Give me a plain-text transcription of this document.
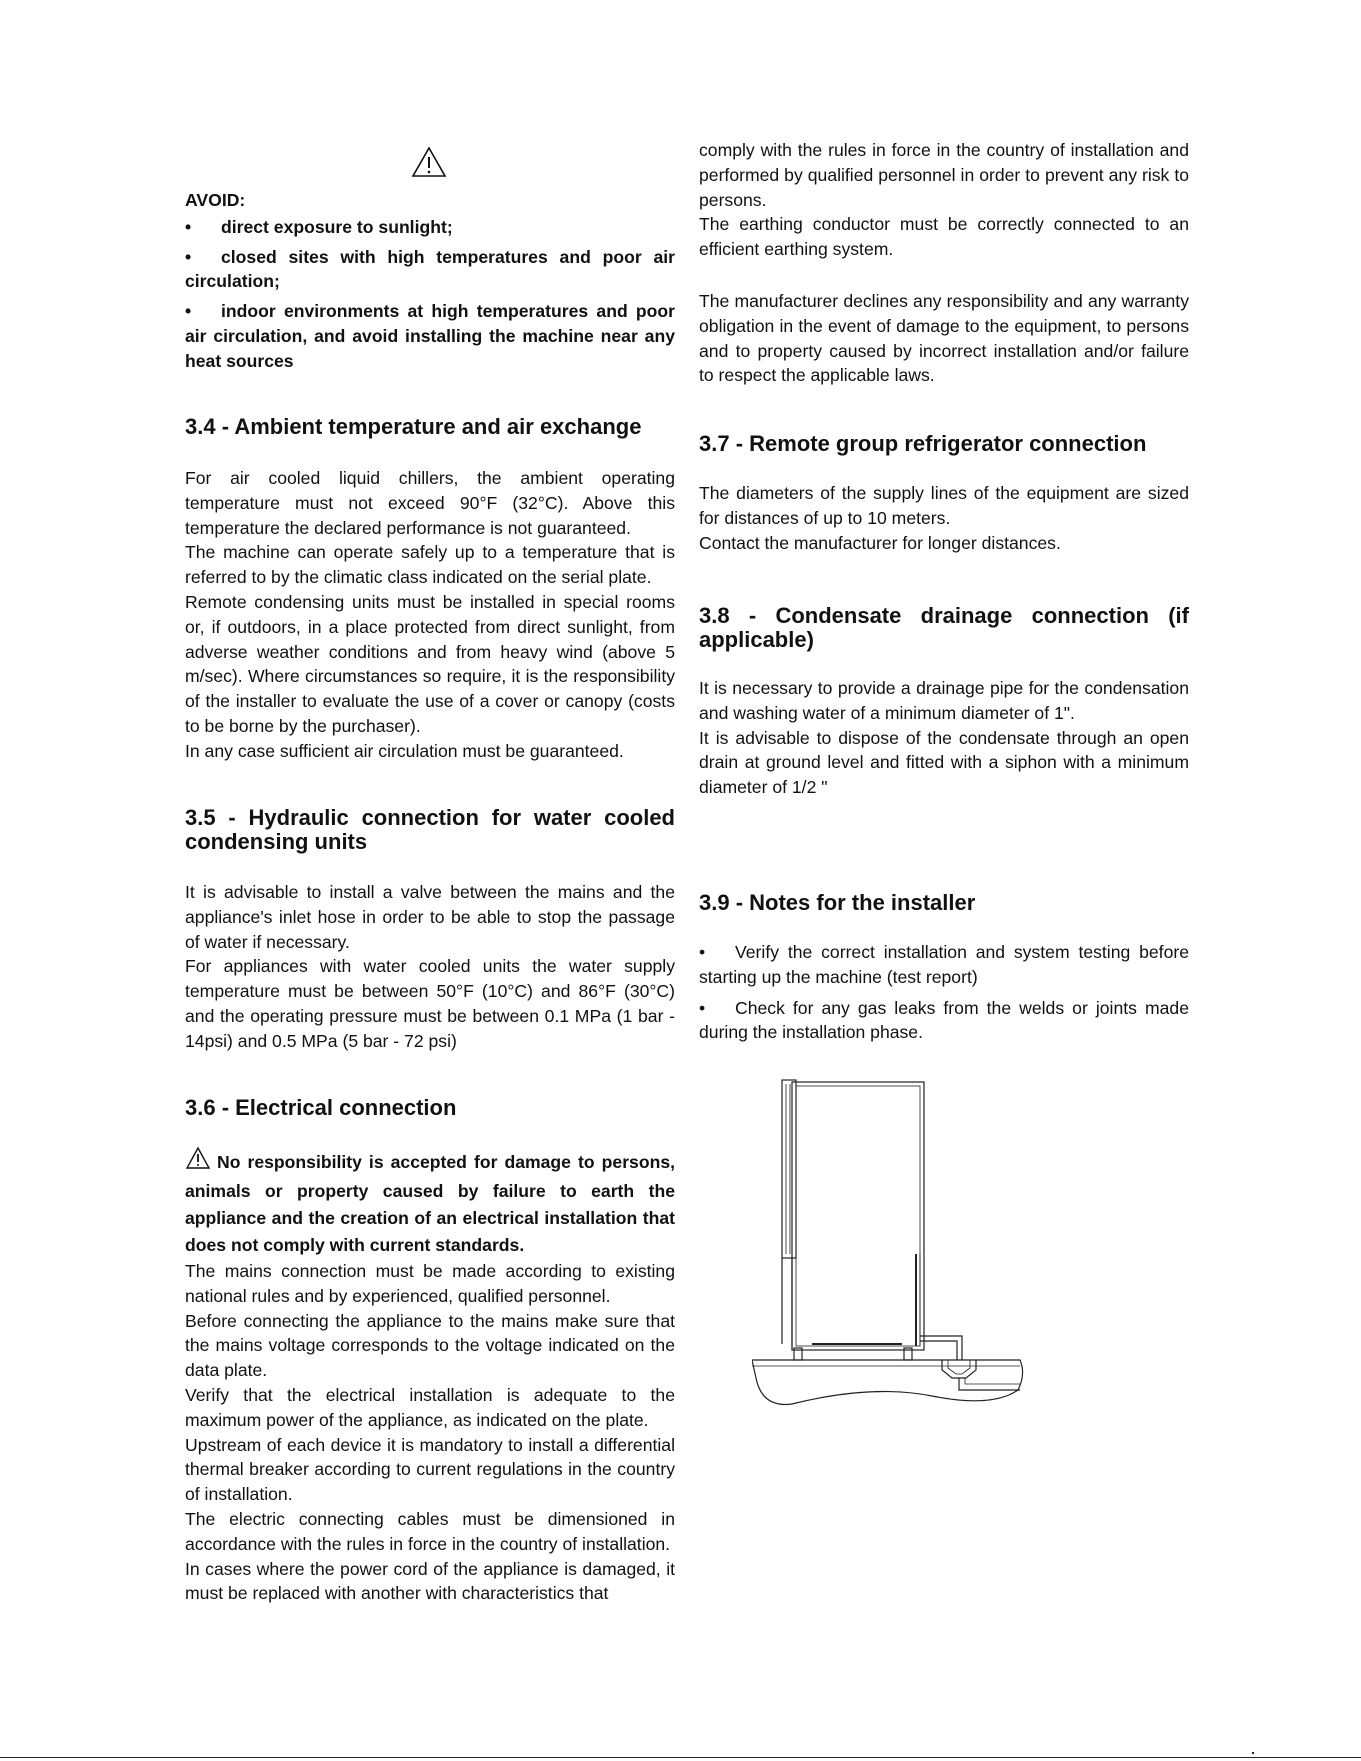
AVOID:

• direct exposure to sunlight;

• closed sites with high temperatures and poor air circulation;

• indoor environments at high temperatures and poor air circulation, and avoid installing the machine near any heat sources

3.4 - Ambient temperature and air exchange

For air cooled liquid chillers, the ambient operating temperature must not exceed 90°F (32°C). Above this temperature the declared performance is not guaranteed.

The machine can operate safely up to a temperature that is referred to by the climatic class indicated on the serial plate.

Remote condensing units must be installed in special rooms or, if outdoors, in a place protected from direct sunlight, from adverse weather conditions and from heavy wind (above 5 m/sec). Where circumstances so require, it is the responsibility of the installer to evaluate the use of a cover or canopy (costs to be borne by the purchaser).

In any case sufficient air circulation must be guaranteed.

3.5 - Hydraulic connection for water cooled condensing units

It is advisable to install a valve between the mains and the appliance's inlet hose in order to be able to stop the passage of water if necessary.

For appliances with water cooled units the water supply temperature must be between 50°F (10°C) and 86°F (30°C) and the operating pressure must be between 0.1 MPa (1 bar - 14psi) and 0.5 MPa (5 bar - 72 psi)

3.6 - Electrical connection

No responsibility is accepted for damage to persons, animals or property caused by failure to earth the appliance and the creation of an electrical installation that does not comply with current standards.

The mains connection must be made according to existing national rules and by experienced, qualified personnel.

Before connecting the appliance to the mains make sure that the mains voltage corresponds to the voltage indicated on the data plate.

Verify that the electrical installation is adequate to the maximum power of the appliance, as indicated on the plate.

Upstream of each device it is mandatory to install a differential thermal breaker according to current regulations in the country of installation.

The electric connecting cables must be dimensioned in accordance with the rules in force in the country of installation.

In cases where the power cord of the appliance is damaged, it must be replaced with another with characteristics that

comply with the rules in force in the country of installation and performed by qualified personnel in order to prevent any risk to persons.

The earthing conductor must be correctly connected to an efficient earthing system.

The manufacturer declines any responsibility and any warranty obligation in the event of damage to the equipment, to persons and to property caused by incorrect installation and/or failure to respect the applicable laws.

3.7 - Remote group refrigerator connection

The diameters of the supply lines of the equipment are sized for distances of up to 10 meters.

Contact the manufacturer for longer distances.

3.8 - Condensate drainage connection (if applicable)

It is necessary to provide a drainage pipe for the condensation and washing water of a minimum diameter of 1".

It is advisable to dispose of the condensate through an open drain at ground level and fitted with a siphon with a minimum diameter of 1/2 "

3.9 - Notes for the installer

• Verify the correct installation and system testing before starting up the machine (test report)

• Check for any gas leaks from the welds or joints made during the installation phase.
